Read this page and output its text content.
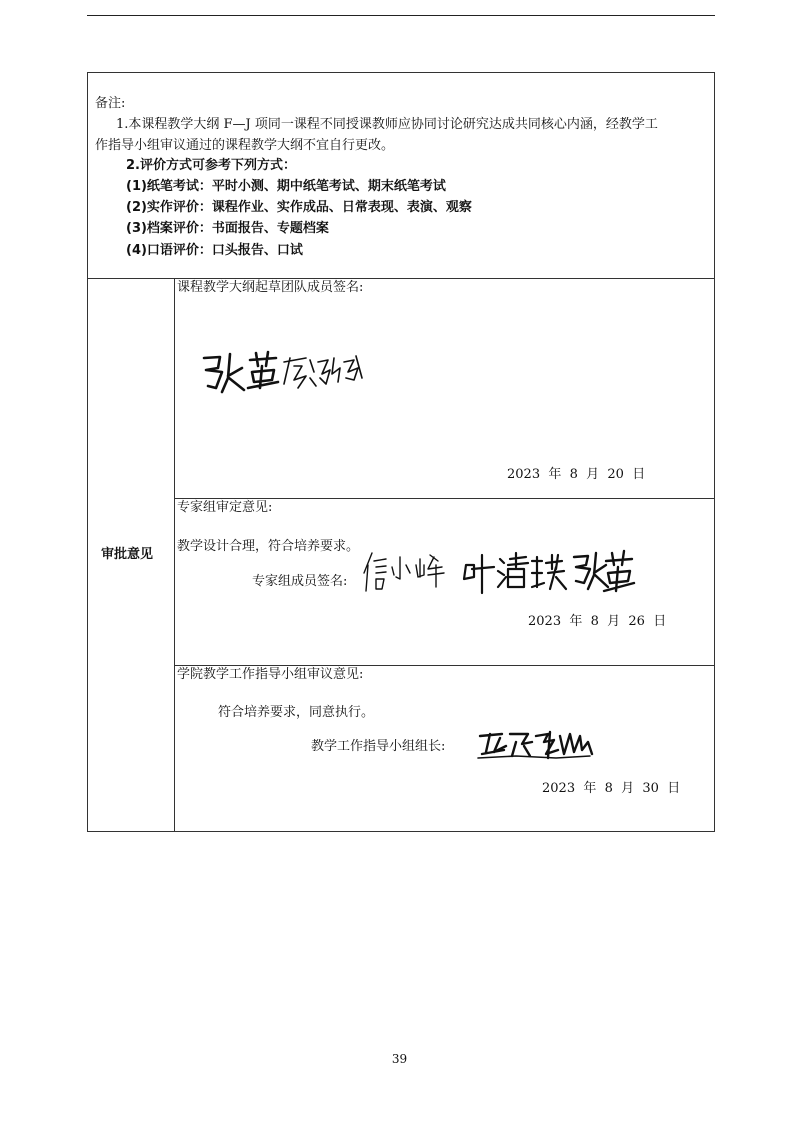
备注:
1.本课程教学大纲 F—J 项同一课程不同授课教师应协同讨论研究达成共同核心内涵，经教学工
作指导小组审议通过的课程教学大纲不宜自行更改。
2.评价方式可参考下列方式：
(1)纸笔考试：平时小测、期中纸笔考试、期末纸笔考试
(2)实作评价：课程作业、实作成品、日常表现、表演、观察
(3)档案评价：书面报告、专题档案
(4)口语评价：口头报告、口试
审批意见
课程教学大纲起草团队成员签名:
2023  年  8  月  20  日
专家组审定意见:
教学设计合理，符合培养要求。
专家组成员签名:
2023  年  8  月  26  日
学院教学工作指导小组审议意见:
符合培养要求，同意执行。
教学工作指导小组组长:
2023  年  8  月  30  日
39
